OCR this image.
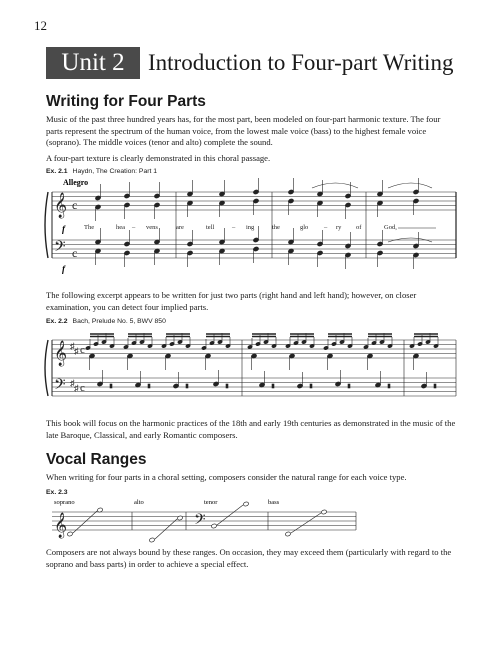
12
Unit 2	Introduction to Four-part Writing
Writing for Four Parts
Music of the past three hundred years has, for the most part, been modeled on four-part harmonic texture. The four parts represent the spectrum of the human voice, from the lowest male voice (bass) to the highest female voice (soprano). The middle voices (tenor and alto) complete the sound.
A four-part texture is clearly demonstrated in this choral passage.
Ex. 2.1 Haydn, The Creation: Part 1
Allegro
𝄞
𝄢
c
c
f
f
The	hea – vens	are	tell	– ing	the	glo – ry of	God,
The following excerpt appears to be written for just two parts (right hand and left hand); however, on closer examination, you can detect four implied parts.
Ex. 2.2 Bach, Prelude No. 5, BWV 850
𝄞
𝄢
♯ ♯
♯ ♯
c
c
This book will focus on the harmonic practices of the 18th and early 19th centuries as demonstrated in the music of the late Baroque, Classical, and early Romantic composers.
Vocal Ranges
When writing for four parts in a choral setting, composers consider the natural range for each voice type.
Ex. 2.3
𝄞	𝄢
soprano	alto	tenor	bass
Composers are not always bound by these ranges. On occasion, they may exceed them (particularly with regard to the soprano and bass parts) in order to achieve a special effect.
